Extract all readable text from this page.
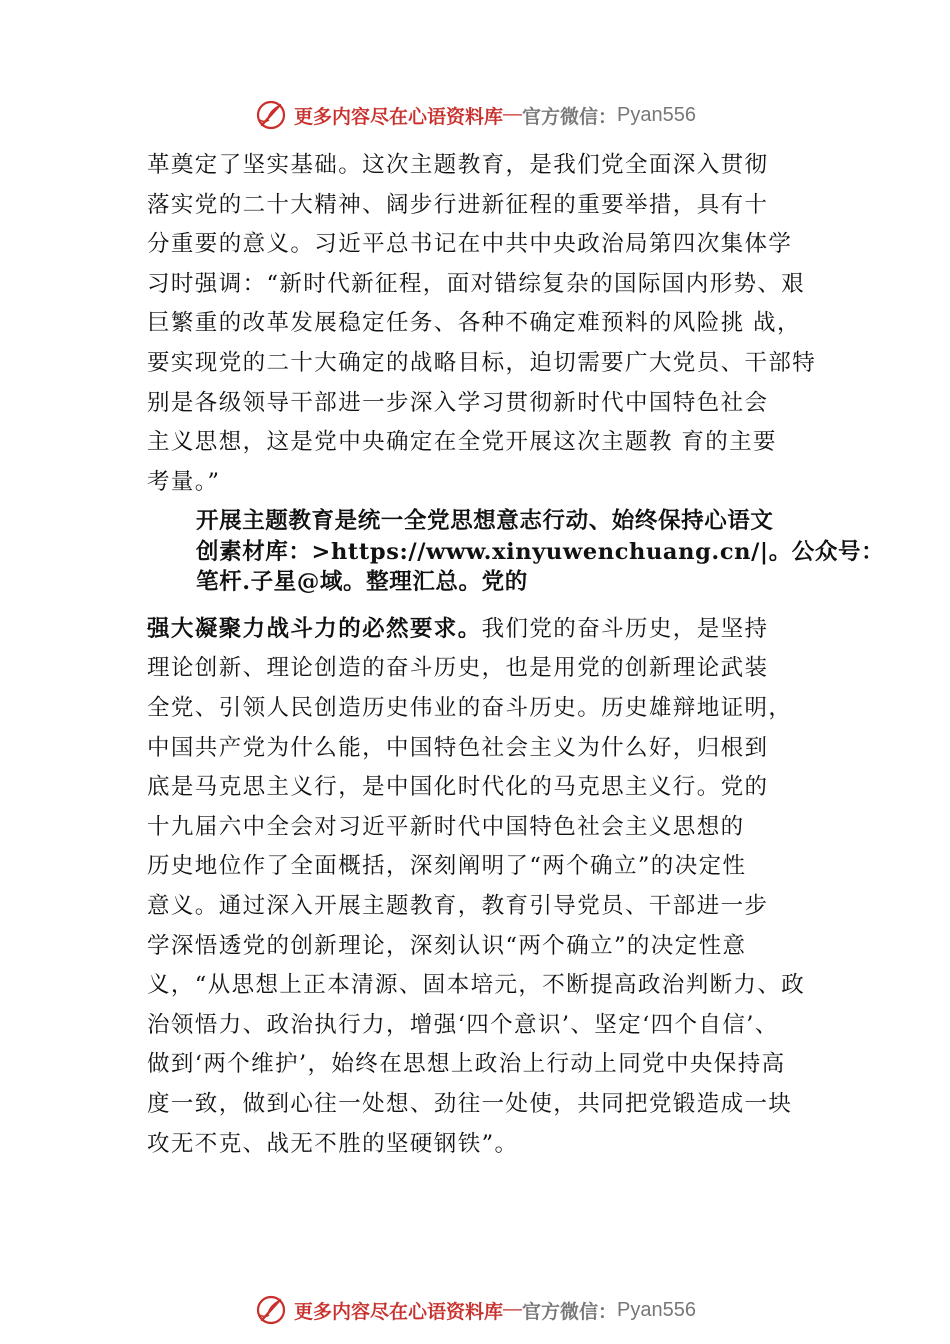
更多内容尽在心语资料库 — 官方微信： Pyan556
革奠定了坚实基础。这次主题教育，是我们党全面深入贯彻
落实党的二十大精神、阔步行进新征程的重要举措，具有十
分重要的意义。习近平总书记在中共中央政治局第四次集体学
习时强调：“新时代新征程，面对错综复杂的国际国内形势、艰
巨繁重的改革发展稳定任务、各种不确定难预料的风险挑 战，
要实现党的二十大确定的战略目标，迫切需要广大党员、干部特
别是各级领导干部进一步深入学习贯彻新时代中国特色社会
主义思想，这是党中央确定在全党开展这次主题教 育的主要
考量。”
开展主题教育是统一全党思想意志行动、始终保持心语文
创素材库：>https://www.xinyuwenchuang.cn/|。公众号：
笔杆.子星@域。整理汇总。党的
强大凝聚力战斗力的必然要求。我们党的奋斗历史，是坚持
理论创新、理论创造的奋斗历史，也是用党的创新理论武装
全党、引领人民创造历史伟业的奋斗历史。历史雄辩地证明，
中国共产党为什么能，中国特色社会主义为什么好，归根到
底是马克思主义行，是中国化时代化的马克思主义行。党的
十九届六中全会对习近平新时代中国特色社会主义思想的
历史地位作了全面概括，深刻阐明了“两个确立”的决定性
意义。通过深入开展主题教育，教育引导党员、干部进一步
学深悟透党的创新理论，深刻认识“两个确立”的决定性意
义，“从思想上正本清源、固本培元，不断提高政治判断力、政
治领悟力、政治执行力，增强‘四个意识’、坚定‘四个自信’、
做到‘两个维护’，始终在思想上政治上行动上同党中央保持高
度一致，做到心往一处想、劲往一处使，共同把党锻造成一块
攻无不克、战无不胜的坚硬钢铁”。
更多内容尽在心语资料库 — 官方微信： Pyan556
